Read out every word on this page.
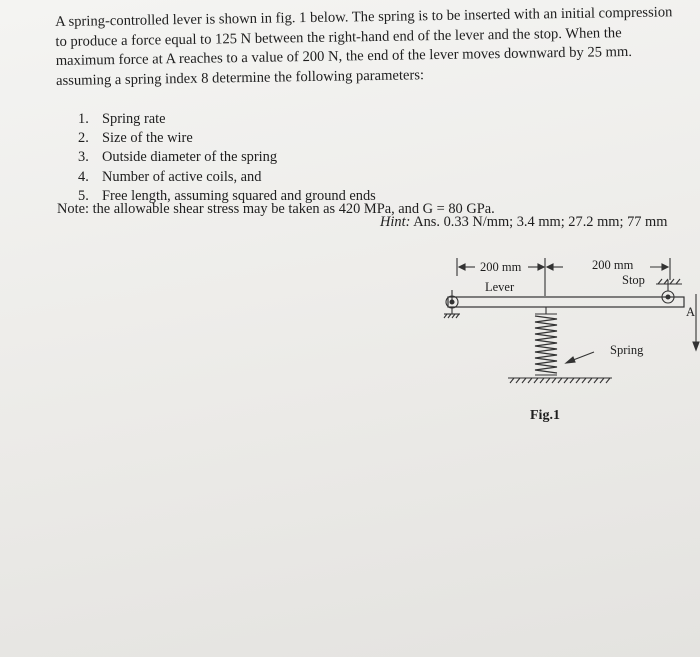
A spring-controlled lever is shown in fig. 1 below. The spring is to be inserted with an initial compression
to produce a force equal to 125 N between the right-hand end of the lever and the stop. When the
maximum force at A reaches to a value of 200 N, the end of the lever moves downward by 25 mm.
assuming a spring index 8 determine the following parameters:
1. Spring rate
2. Size of the wire
3. Outside diameter of the spring
4. Number of active coils, and
5. Free length, assuming squared and ground ends
Note: the allowable shear stress may be taken as 420 MPa, and G = 80 GPa.
Hint: Ans. 0.33 N/mm; 3.4 mm; 27.2 mm; 77 mm
200 mm	200 mm
Lever	Stop
A
Spring
Fig.1
